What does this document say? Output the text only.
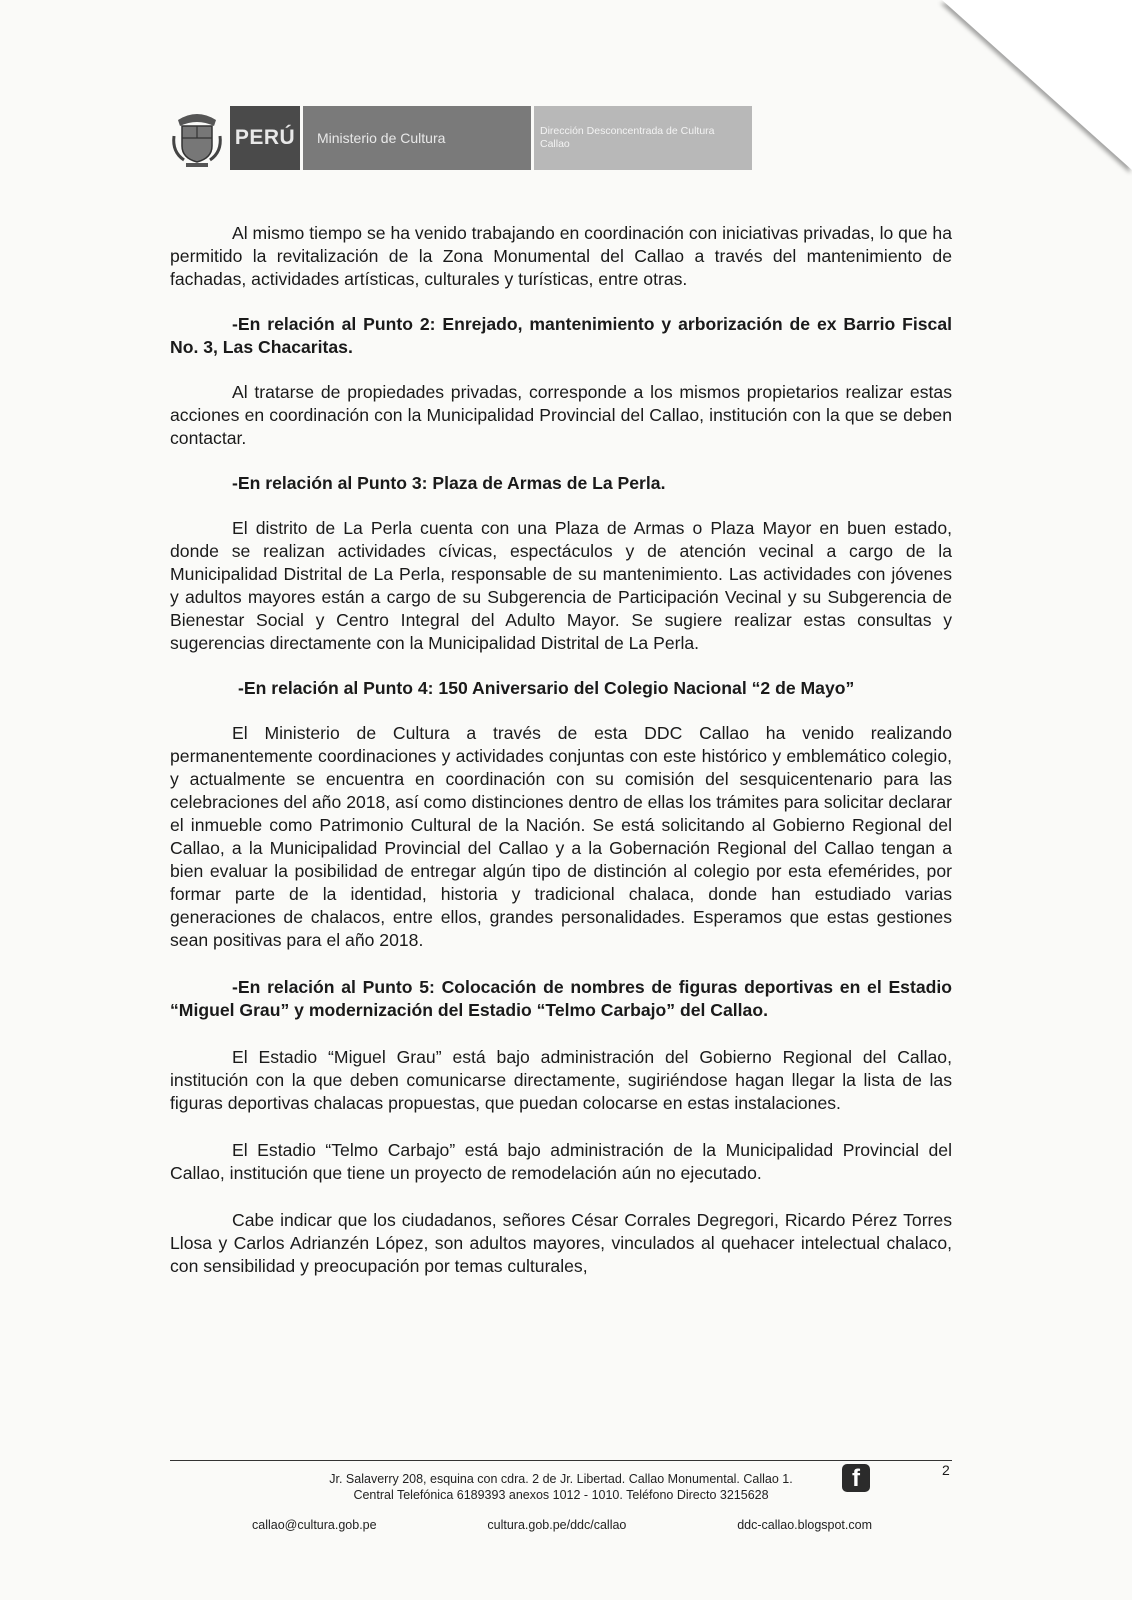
PERÚ	Ministerio de Cultura	Dirección Desconcentrada de Cultura
Callao

Al mismo tiempo se ha venido trabajando en coordinación con iniciativas privadas, lo que ha permitido la revitalización de la Zona Monumental del Callao a través del mantenimiento de fachadas, actividades artísticas, culturales y turísticas, entre otras.

-En relación al Punto 2: Enrejado, mantenimiento y arborización de ex Barrio Fiscal No. 3, Las Chacaritas.

Al tratarse de propiedades privadas, corresponde a los mismos propietarios realizar estas acciones en coordinación con la Municipalidad Provincial del Callao, institución con la que se deben contactar.

-En relación al Punto 3: Plaza de Armas de La Perla.

El distrito de La Perla cuenta con una Plaza de Armas o Plaza Mayor en buen estado, donde se realizan actividades cívicas, espectáculos y de atención vecinal a cargo de la Municipalidad Distrital de La Perla, responsable de su mantenimiento. Las actividades con jóvenes y adultos mayores están a cargo de su Subgerencia de Participación Vecinal y su Subgerencia de Bienestar Social y Centro Integral del Adulto Mayor. Se sugiere realizar estas consultas y sugerencias directamente con la Municipalidad Distrital de La Perla.

-En relación al Punto 4: 150 Aniversario del Colegio Nacional “2 de Mayo”

El Ministerio de Cultura a través de esta DDC Callao ha venido realizando permanentemente coordinaciones y actividades conjuntas con este histórico y emblemático colegio, y actualmente se encuentra en coordinación con su comisión del sesquicentenario para las celebraciones del año 2018, así como distinciones dentro de ellas los trámites para solicitar declarar el inmueble como Patrimonio Cultural de la Nación. Se está solicitando al Gobierno Regional del Callao, a la Municipalidad Provincial del Callao y a la Gobernación Regional del Callao tengan a bien evaluar la posibilidad de entregar algún tipo de distinción al colegio por esta efemérides, por formar parte de la identidad, historia y tradicional chalaca, donde han estudiado varias generaciones de chalacos, entre ellos, grandes personalidades. Esperamos que estas gestiones sean positivas para el año 2018.

-En relación al Punto 5: Colocación de nombres de figuras deportivas en el Estadio “Miguel Grau” y modernización del Estadio “Telmo Carbajo” del Callao.

El Estadio “Miguel Grau” está bajo administración del Gobierno Regional del Callao, institución con la que deben comunicarse directamente, sugiriéndose hagan llegar la lista de las figuras deportivas chalacas propuestas, que puedan colocarse en estas instalaciones.

El Estadio “Telmo Carbajo” está bajo administración de la Municipalidad Provincial del Callao, institución que tiene un proyecto de remodelación aún no ejecutado.

Cabe indicar que los ciudadanos, señores César Corrales Degregori, Ricardo Pérez Torres Llosa y Carlos Adrianzén López, son adultos mayores, vinculados al quehacer intelectual chalaco, con sensibilidad y preocupación por temas culturales,

Jr. Salaverry 208, esquina con cdra. 2 de Jr. Libertad. Callao Monumental. Callao 1.
Central Telefónica 6189393 anexos 1012 - 1010. Teléfono Directo 3215628
callao@cultura.gob.pe	cultura.gob.pe/ddc/callao	ddc-callao.blogspot.com
f	2
